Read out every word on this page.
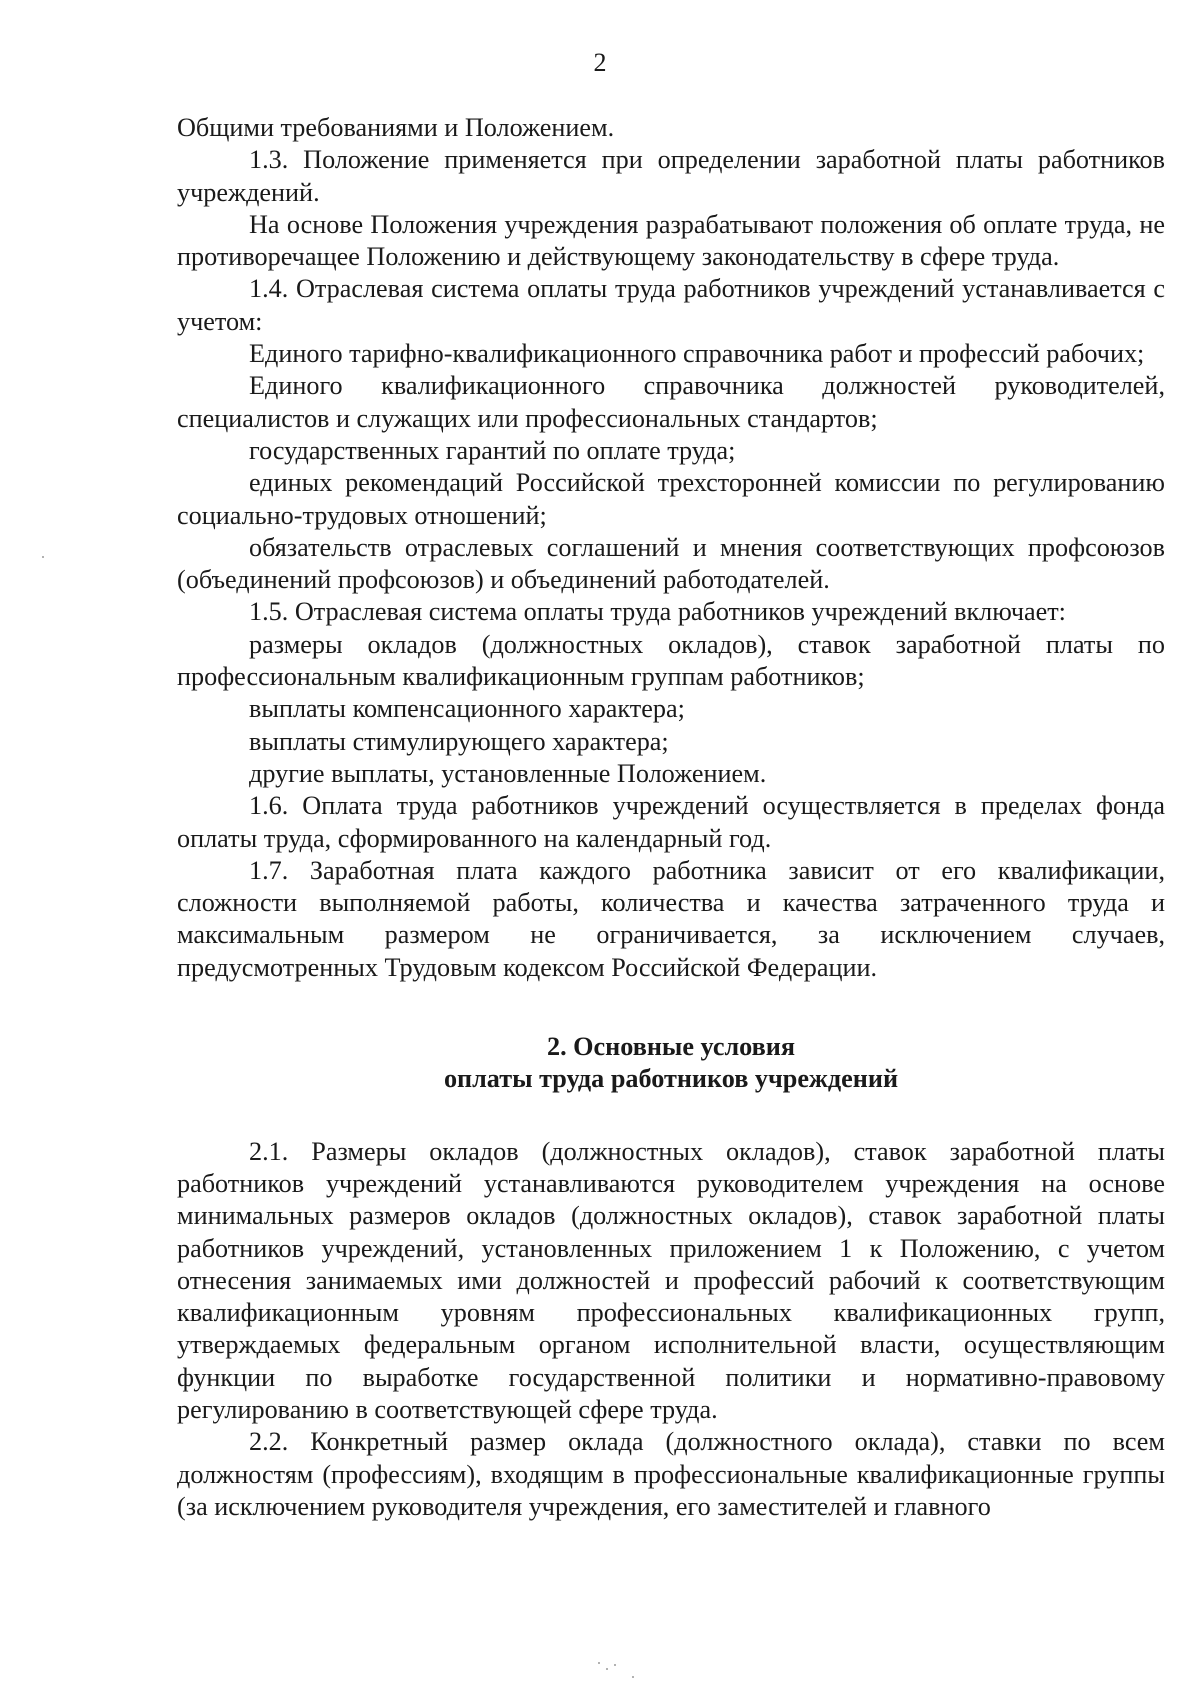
2

Общими требованиями и Положением.

1.3. Положение применяется при определении заработной платы работников учреждений.

На основе Положения учреждения разрабатывают положения об оплате труда, не противоречащее Положению и действующему законодательству в сфере труда.

1.4. Отраслевая система оплаты труда работников учреждений устанавливается с учетом:

Единого тарифно-квалификационного справочника работ и профессий рабочих;

Единого квалификационного справочника должностей руководителей, специалистов и служащих или профессиональных стандартов;

государственных гарантий по оплате труда;

единых рекомендаций Российской трехсторонней комиссии по регулированию социально-трудовых отношений;

обязательств отраслевых соглашений и мнения соответствующих профсоюзов (объединений профсоюзов) и объединений работодателей.

1.5. Отраслевая система оплаты труда работников учреждений включает:

размеры окладов (должностных окладов), ставок заработной платы по профессиональным квалификационным группам работников;

выплаты компенсационного характера;

выплаты стимулирующего характера;

другие выплаты, установленные Положением.

1.6. Оплата труда работников учреждений осуществляется в пределах фонда оплаты труда, сформированного на календарный год.

1.7. Заработная плата каждого работника зависит от его квалификации, сложности выполняемой работы, количества и качества затраченного труда и максимальным размером не ограничивается, за исключением случаев, предусмотренных Трудовым кодексом Российской Федерации.

2. Основные условия
оплаты труда работников учреждений

2.1. Размеры окладов (должностных окладов), ставок заработной платы работников учреждений устанавливаются руководителем учреждения на основе минимальных размеров окладов (должностных окладов), ставок заработной платы работников учреждений, установленных приложением 1 к Положению, с учетом отнесения занимаемых ими должностей и профессий рабочий к соответствующим квалификационным уровням профессиональных квалификационных групп, утверждаемых федеральным органом исполнительной власти, осуществляющим функции по выработке государственной политики и нормативно-правовому регулированию в соответствующей сфере труда.

2.2. Конкретный размер оклада (должностного оклада), ставки по всем должностям (профессиям), входящим в профессиональные квалификационные группы (за исключением руководителя учреждения, его заместителей и главного
